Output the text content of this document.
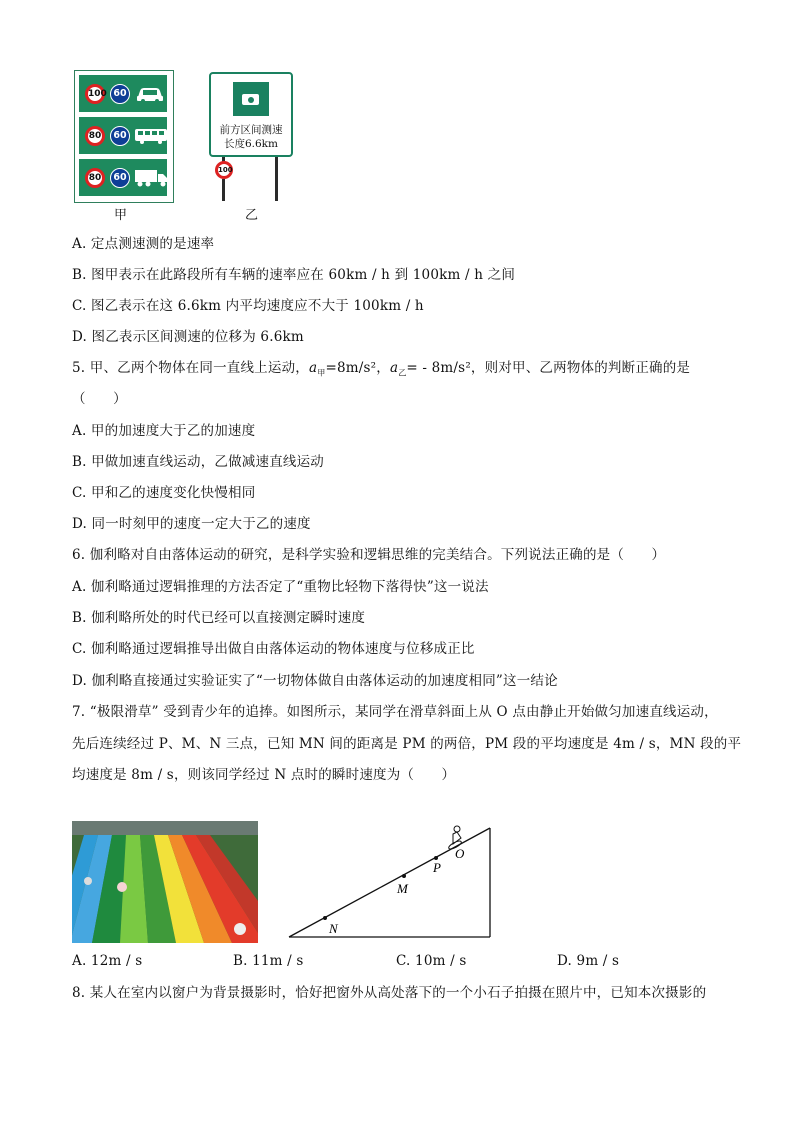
100 60
80	60
80	60
甲
前方区间测速
长度6.6km
100
乙
A. 定点测速测的是速率
B. 图甲表示在此路段所有车辆的速率应在 60km / h 到 100km / h 之间
C. 图乙表示在这 6.6km 内平均速度应不大于 100km / h
D. 图乙表示区间测速的位移为 6.6km
5. 甲、乙两个物体在同一直线上运动，$a_甲=8m/s^2$，$a_乙= - 8m/s^2$，则对甲、乙两物体的判断正确的是
（　　）
A. 甲的加速度大于乙的加速度
B. 甲做加速直线运动，乙做减速直线运动
C. 甲和乙的速度变化快慢相同
D. 同一时刻甲的速度一定大于乙的速度
6. 伽利略对自由落体运动的研究，是科学实验和逻辑思维的完美结合。下列说法正确的是（　　）
A. 伽利略通过逻辑推理的方法否定了“重物比轻物下落得快”这一说法
B. 伽利略所处的时代已经可以直接测定瞬时速度
C. 伽利略通过逻辑推导出做自由落体运动的物体速度与位移成正比
D. 伽利略直接通过实验证实了“一切物体做自由落体运动的加速度相同”这一结论
7. “极限滑草” 受到青少年的追捧。如图所示，某同学在滑草斜面上从 O 点由静止开始做匀加速直线运动，
先后连续经过 P、M、N 三点，已知 MN 间的距离是 PM 的两倍，PM 段的平均速度是 4m / s，MN 段的平
均速度是 8m / s，则该同学经过 N 点时的瞬时速度为（　　）
O
P
M
N
A. 12m / s	B. 11m / s	C. 10m / s	D. 9m / s
8. 某人在室内以窗户为背景摄影时，恰好把窗外从高处落下的一个小石子拍摄在照片中，已知本次摄影的
